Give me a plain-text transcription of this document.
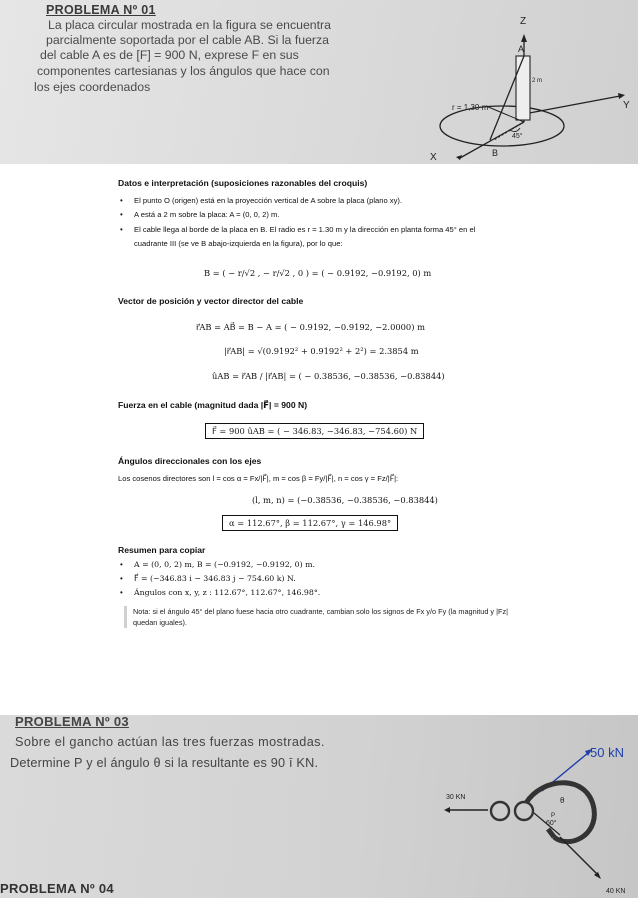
PROBLEMA Nº 01
La placa circular mostrada en la figura se encuentra
parcialmente soportada por el cable AB. Si la fuerza
del cable A es de [F] = 900 N, exprese F en sus
componentes cartesianas y los ángulos que hace con
los ejes coordenados
45°
Z
Y
X
A
B
2 m
r = 1,30 m
Datos e interpretación (suposiciones razonables del croquis)
• El punto O (origen) está en la proyección vertical de A sobre la placa (plano xy).
• A está a 2 m sobre la placa: A = (0, 0, 2) m.
• El cable llega al borde de la placa en B. El radio es r = 1.30 m y la dirección en planta forma 45° en el
cuadrante III (se ve B abajo-izquierda en la figura), por lo que:
B = ( − r/√2 , − r/√2 , 0 ) = ( − 0.9192, −0.9192, 0) m
Vector de posición y vector director del cable
r⃗AB = AB⃗ = B − A = ( − 0.9192, −0.9192, −2.0000) m
|r⃗AB| = √(0.9192² + 0.9192² + 2²) = 2.3854 m
ûAB = r⃗AB / |r⃗AB| = ( − 0.38536, −0.38536, −0.83844)
Fuerza en el cable (magnitud dada |F⃗| = 900 N)
F⃗ = 900 ûAB = ( − 346.83, −346.83, −754.60) N
Ángulos direccionales con los ejes
Los cosenos directores son l = cos α = Fx/|F⃗|, m = cos β = Fy/|F⃗|, n = cos γ = Fz/|F⃗|:
(l, m, n) = (−0.38536, −0.38536, −0.83844)
α = 112.67°, β = 112.67°, γ = 146.98°
Resumen para copiar
• A = (0, 0, 2) m, B = (−0.9192, −0.9192, 0) m.
• F⃗ = (−346.83 i − 346.83 j − 754.60 k) N.
• Ángulos con x, y, z : 112.67°, 112.67°, 146.98°.
Nota: si el ángulo 45° del plano fuese hacia otro cuadrante, cambian solo los signos de Fx y/o Fy (la magnitud y |Fz| quedan iguales).
PROBLEMA Nº 03
Sobre el gancho actúan las tres fuerzas mostradas.
Determine P y el ángulo θ si la resultante es 90 ī KN.
PROBLEMA Nº 04
50 kN
30 KN
60°
θ
P
40 KN
